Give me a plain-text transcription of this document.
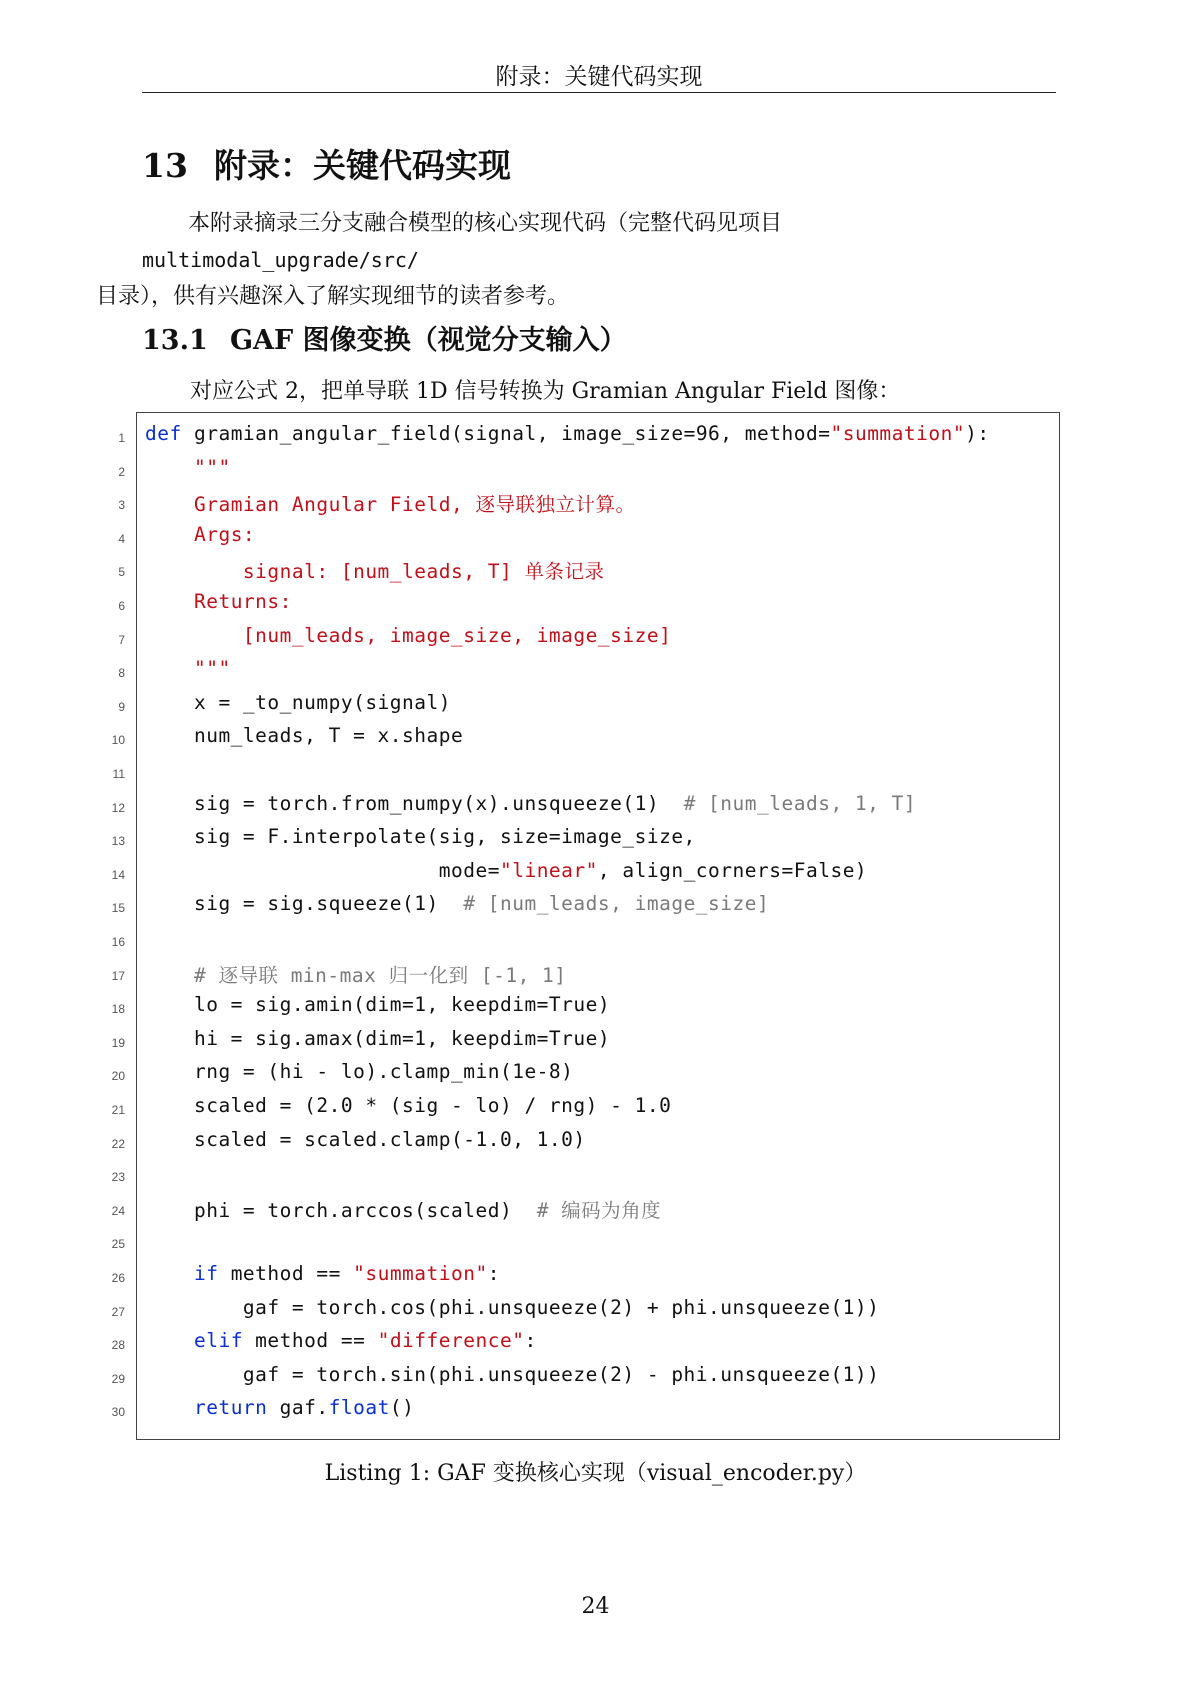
附录：关键代码实现
13 附录：关键代码实现
本附录摘录三分支融合模型的核心实现代码（完整代码见项目multimodal_upgrade/src/
目录），供有兴趣深入了解实现细节的读者参考。
13.1 GAF 图像变换（视觉分支输入）
对应公式 2，把单导联 1D 信号转换为 Gramian Angular Field 图像：
1 def gramian_angular_field(signal, image_size=96, method="summation"):
2	"""
3	Gramian Angular Field, 逐导联独立计算。
4	Args:
5	signal: [num_leads, T] 单条记录
6	Returns:
7	[num_leads, image_size, image_size]
8	"""
9 x = _to_numpy(signal)
10 num_leads, T = x.shape
11
12 sig = torch.from_numpy(x).unsqueeze(1)  # [num_leads, 1, T]
13 sig = F.interpolate(sig, size=image_size,
14 mode="linear", align_corners=False)
15 sig = sig.squeeze(1)  # [num_leads, image_size]
16
17	# 逐导联 min-max 归一化到 [-1, 1]
18 lo = sig.amin(dim=1, keepdim=True)
19 hi = sig.amax(dim=1, keepdim=True)
20 rng = (hi - lo).clamp_min(1e-8)
21 scaled = (2.0 * (sig - lo) / rng) - 1.0
22 scaled = scaled.clamp(-1.0, 1.0)
23
24 phi = torch.arccos(scaled)  # 编码为角度
25
26	if method == "summation":
27 gaf = torch.cos(phi.unsqueeze(2) + phi.unsqueeze(1))
28	elif method == "difference":
29 gaf = torch.sin(phi.unsqueeze(2) - phi.unsqueeze(1))
30	return gaf.float()
Listing 1: GAF 变换核心实现（visual_encoder.py）
24
